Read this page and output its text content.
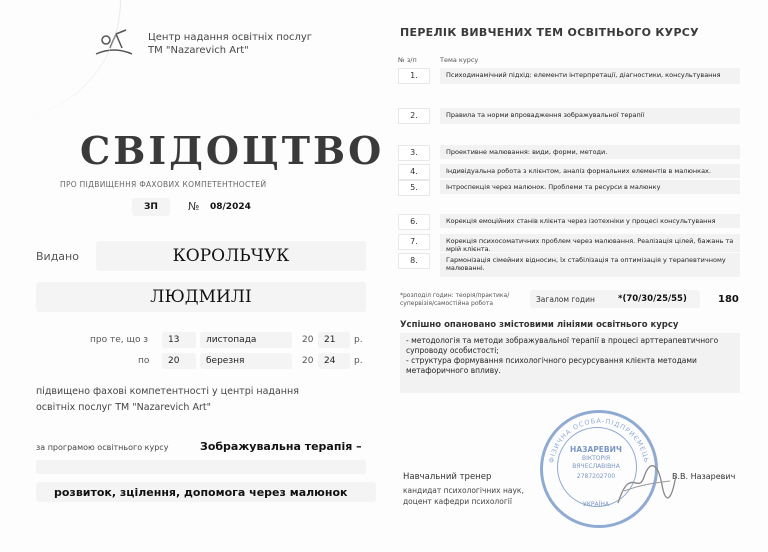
Центр надання освітніх послуг
ТМ "Nazarevich Art"
СВІДОЦТВО
ПРО ПІДВИЩЕННЯ ФАХОВИХ КОМПЕТЕНТНОСТЕЙ
ЗП	№ 08/2024
Видано	КОРОЛЬЧУК
ЛЮДМИЛІ
про те, що з 13	листопада	20 21 р.
по 20	березня	20 24 р.
підвищено фахові компетентності у центрі надання
освітніх послуг ТМ "Nazarevich Art"
за програмою освітнього курсу	Зображувальна терапія –
розвиток, зцілення, допомога через малюнок
ПЕРЕЛІК ВИВЧЕНИХ ТЕМ ОСВІТНЬОГО КУРСУ
№ з/п	Тема курсу
1.	Психодинамічний підхід: елементи інтерпретації, діагностики, консультування
2.	Правила та норми впровадження зображувальної терапії
3.	Проективне малювання: види, форми, методи.
4.	Індивідуальна робота з клієнтом, аналіз формальних елементів в малюнках.
5.	Інтроспекція через малюнок. Проблеми та ресурси в малюнку
6.	Корекція емоційних станів клієнта через ізотехніки у процесі консультування
7.	Корекція психосоматичних проблем через малювання. Реалізація цілей, бажань та мрій клієнта.
8.	Гармонізація сімейних відносин, їх стабілізація та оптимізація у терапевтичному малюванні.
*розподіл годин: теорія/практика/
супервізія/самостійна робота	Загалом годин	*(70/30/25/55)	180
Успішно опановано змістовими лініями освітнього курсу
- методологія та методи зображувальної терапії в процесі арттерапевтичного
супроводу особистості;
- структура формування психологічного ресурсування клієнта методами
метафоричного впливу.
Навчальний тренер
кандидат психологічних наук,
доцент кафедри психології
В.В. Назаревич
ФІЗИЧНА ОСОБА-ПІДПРИЄМЕЦЬ
НАЗАРЕВИЧ
ВІКТОРІЯ
ВЯЧЕСЛАВІВНА
2787202700
УКРАЇНА
